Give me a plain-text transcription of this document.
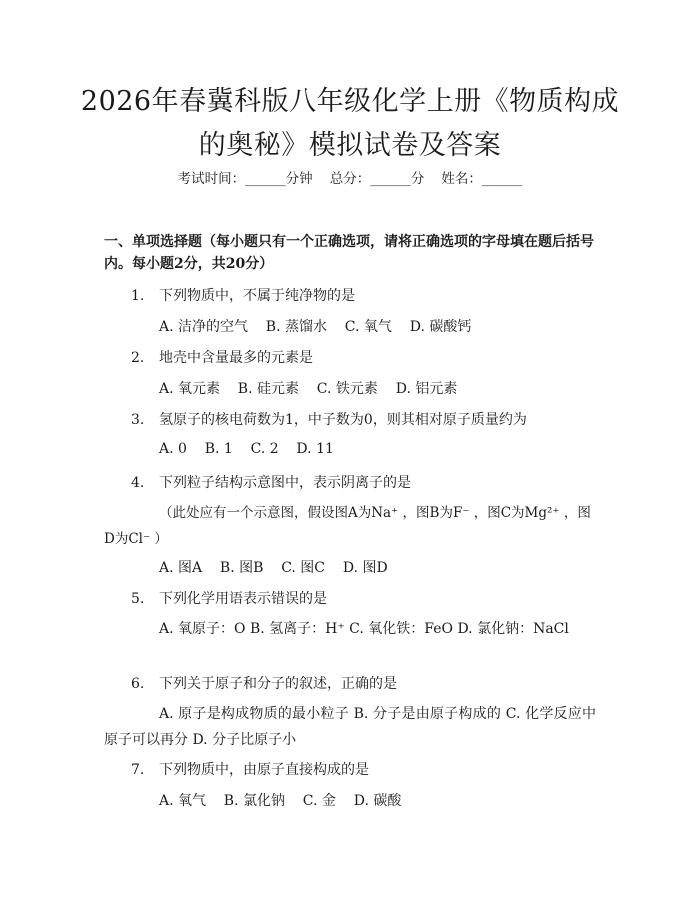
2026年春冀科版八年级化学上册《物质构成
的奥秘》模拟试卷及答案
考试时间：______分钟    总分：______分    姓名：______
一、单项选择题（每小题只有一个正确选项，请将正确选项的字母填在题后括号内。每小题2分，共20分）
1. 下列物质中，不属于纯净物的是
A. 洁净的空气    B. 蒸馏水    C. 氧气    D. 碳酸钙
2. 地壳中含量最多的元素是
A. 氧元素    B. 硅元素    C. 铁元素    D. 铝元素
3. 氢原子的核电荷数为1，中子数为0，则其相对原子质量约为
A. 0    B. 1    C. 2    D. 11
4. 下列粒子结构示意图中，表示阴离子的是
（此处应有一个示意图，假设图A为Na⁺ ，图B为F⁻ ，图C为Mg²⁺ ，图D为Cl⁻ ）
A. 图A    B. 图B    C. 图C    D. 图D
5. 下列化学用语表示错误的是
A. 氧原子：O B. 氢离子：H⁺ C. 氧化铁：FeO D. 氯化钠：NaCl
6. 下列关于原子和分子的叙述，正确的是
A. 原子是构成物质的最小粒子 B. 分子是由原子构成的 C. 化学反应中原子可以再分 D. 分子比原子小
7. 下列物质中，由原子直接构成的是
A. 氧气    B. 氯化钠    C. 金    D. 碳酸
